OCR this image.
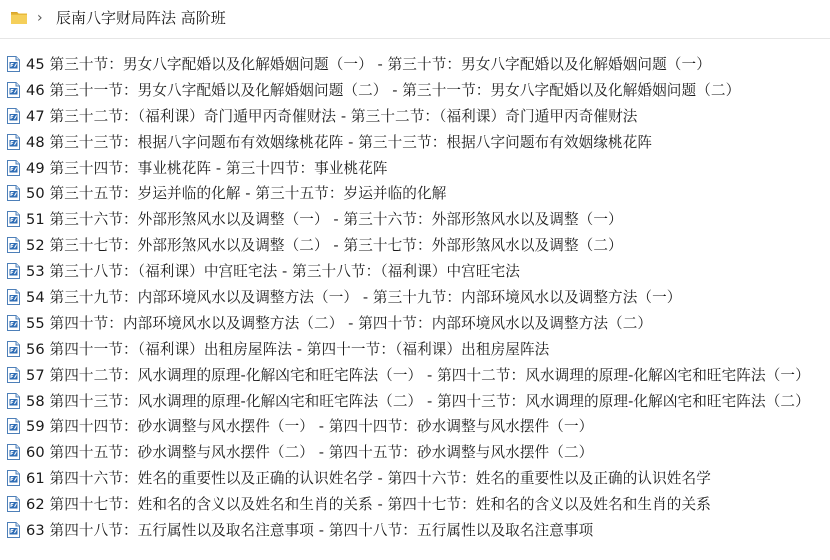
› 辰南八字财局阵法 高阶班
45 第三十节：男女八字配婚以及化解婚姻问题（一） - 第三十节：男女八字配婚以及化解婚姻问题（一）
46 第三十一节：男女八字配婚以及化解婚姻问题（二） - 第三十一节：男女八字配婚以及化解婚姻问题（二）
47 第三十二节：（福利课）奇门遁甲丙奇催财法 - 第三十二节：（福利课）奇门遁甲丙奇催财法
48 第三十三节：根据八字问题布有效姻缘桃花阵 - 第三十三节：根据八字问题布有效姻缘桃花阵
49 第三十四节：事业桃花阵 - 第三十四节：事业桃花阵
50 第三十五节：岁运并临的化解 - 第三十五节：岁运并临的化解
51 第三十六节：外部形煞风水以及调整（一） - 第三十六节：外部形煞风水以及调整（一）
52 第三十七节：外部形煞风水以及调整（二） - 第三十七节：外部形煞风水以及调整（二）
53 第三十八节：（福利课）中宫旺宅法 - 第三十八节：（福利课）中宫旺宅法
54 第三十九节：内部环境风水以及调整方法（一） - 第三十九节：内部环境风水以及调整方法（一）
55 第四十节：内部环境风水以及调整方法（二） - 第四十节：内部环境风水以及调整方法（二）
56 第四十一节：（福利课）出租房屋阵法 - 第四十一节：（福利课）出租房屋阵法
57 第四十二节：风水调理的原理-化解凶宅和旺宅阵法（一） - 第四十二节：风水调理的原理-化解凶宅和旺宅阵法（一）
58 第四十三节：风水调理的原理-化解凶宅和旺宅阵法（二） - 第四十三节：风水调理的原理-化解凶宅和旺宅阵法（二）
59 第四十四节：砂水调整与风水摆件（一） - 第四十四节：砂水调整与风水摆件（一）
60 第四十五节：砂水调整与风水摆件（二） - 第四十五节：砂水调整与风水摆件（二）
61 第四十六节：姓名的重要性以及正确的认识姓名学 - 第四十六节：姓名的重要性以及正确的认识姓名学
62 第四十七节：姓和名的含义以及姓名和生肖的关系 - 第四十七节：姓和名的含义以及姓名和生肖的关系
63 第四十八节：五行属性以及取名注意事项 - 第四十八节：五行属性以及取名注意事项
